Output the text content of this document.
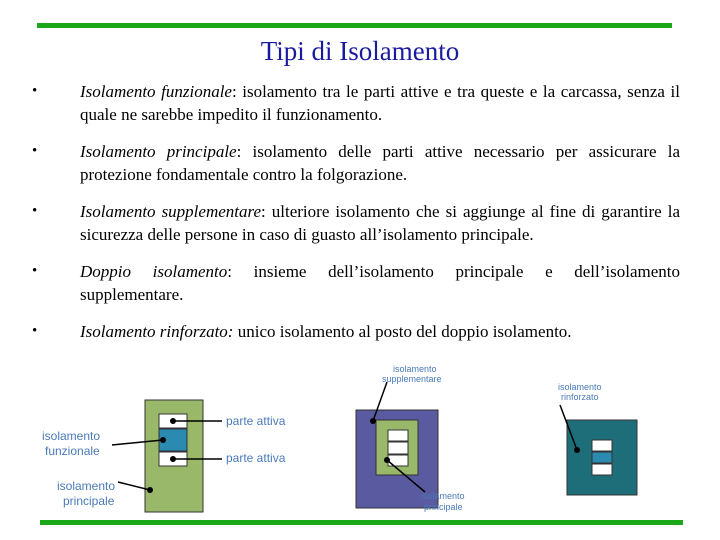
Tipi di Isolamento
•	Isolamento funzionale: isolamento tra le parti attive e tra queste e la carcassa, senza il quale ne sarebbe impedito il funzionamento.
•	Isolamento principale: isolamento delle parti attive necessario per assicurare la protezione fondamentale contro la folgorazione.
•	Isolamento supplementare: ulteriore isolamento che si aggiunge al fine di garantire la sicurezza delle persone in caso di guasto all’isolamento principale.
•	Doppio isolamento: insieme dell’isolamento principale e dell’isolamento supplementare.
•	Isolamento rinforzato: unico isolamento al posto del doppio isolamento.
parte attiva
parte attiva
isolamento
funzionale
isolamento
principale
isolamento
supplementare
isolamento
principale
isolamento
rinforzato
